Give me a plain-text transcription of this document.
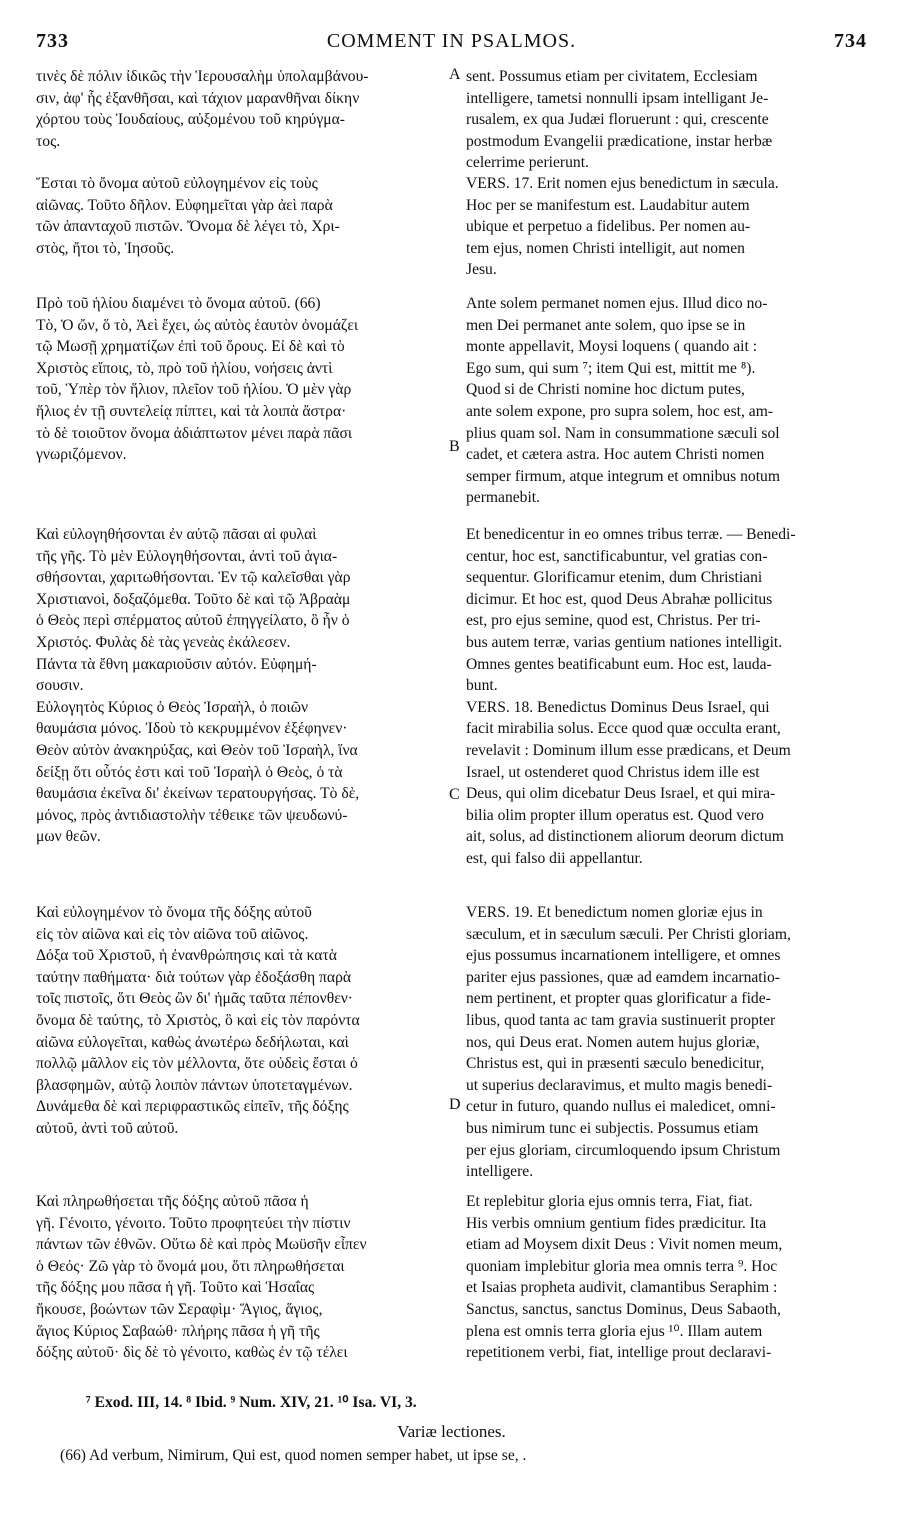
733	COMMENT IN PSALMOS.	734
τινὲς δὲ πόλιν ἰδικῶς τὴν Ἱερουσαλὴμ ὑπολαμβάνου-
σιν, ἀφ' ἧς ἐξανθῆσαι, καὶ τάχιον μαρανθῆναι δίκην
χόρτου τοὺς Ἰουδαίους, αὐξομένου τοῦ κηρύγμα-
τος.
Ἔσται τὸ ὄνομα αὐτοῦ εὐλογημένον εἰς τοὺς
αἰῶνας. Τοῦτο δῆλον. Εὐφημεῖται γὰρ ἀεὶ παρὰ
τῶν ἁπανταχοῦ πιστῶν. Ὄνομα δὲ λέγει τὸ, Χρι-
στὸς, ἤτοι τὸ, Ἰησοῦς.
Πρὸ τοῦ ἡλίου διαμένει τὸ ὄνομα αὐτοῦ. (66)
Τὸ, Ὁ ὤν, ὅ τὸ, Ἀεὶ ἔχει, ὡς αὐτὸς ἑαυτὸν ὀνομάζει
τῷ Μωσῇ χρηματίζων ἐπὶ τοῦ ὄρους. Εἰ δὲ καὶ τὸ
Χριστὸς εἴποις, τὸ, πρὸ τοῦ ἡλίου, νοήσεις ἀντὶ
τοῦ, Ὑπὲρ τὸν ἥλιον, πλεῖον τοῦ ἡλίου. Ὁ μὲν γὰρ
ἥλιος ἐν τῇ συντελείᾳ πίπτει, καὶ τὰ λοιπὰ ἄστρα·
τὸ δὲ τοιοῦτον ὄνομα ἀδιάπτωτον μένει παρὰ πᾶσι
γνωριζόμενον.
Καὶ εὐλογηθήσονται ἐν αὐτῷ πᾶσαι αἱ φυλαὶ
τῆς γῆς. Τὸ μὲν Εὐλογηθήσονται, ἀντὶ τοῦ ἁγια-
σθήσονται, χαριτωθήσονται. Ἐν τῷ καλεῖσθαι γὰρ
Χριστιανοὶ, δοξαζόμεθα. Τοῦτο δὲ καὶ τῷ Ἀβραὰμ
ὁ Θεὸς περὶ σπέρματος αὐτοῦ ἐπηγγείλατο, ὃ ἦν ὁ
Χριστός. Φυλὰς δὲ τὰς γενεὰς ἐκάλεσεν.
Πάντα τὰ ἔθνη μακαριοῦσιν αὐτόν. Εὐφημή-
σουσιν.
Εὐλογητὸς Κύριος ὁ Θεὸς Ἰσραὴλ, ὁ ποιῶν
θαυμάσια μόνος. Ἰδοὺ τὸ κεκρυμμένον ἐξέφηνεν·
Θεὸν αὐτὸν ἀνακηρύξας, καὶ Θεὸν τοῦ Ἰσραὴλ, ἵνα
δείξῃ ὅτι οὗτός ἐστι καὶ τοῦ Ἰσραὴλ ὁ Θεὸς, ὁ τὰ
θαυμάσια ἐκεῖνα δι' ἐκείνων τερατουργήσας. Τὸ δὲ,
μόνος, πρὸς ἀντιδιαστολὴν τέθεικε τῶν ψευδωνύ-
μων θεῶν.
Καὶ εὐλογημένον τὸ ὄνομα τῆς δόξης αὐτοῦ
εἰς τὸν αἰῶνα καὶ εἰς τὸν αἰῶνα τοῦ αἰῶνος.
Δόξα τοῦ Χριστοῦ, ἡ ἐνανθρώπησις καὶ τὰ κατὰ
ταύτην παθήματα· διὰ τούτων γὰρ ἐδοξάσθη παρὰ
τοῖς πιστοῖς, ὅτι Θεὸς ὢν δι' ἡμᾶς ταῦτα πέπονθεν·
ὄνομα δὲ ταύτης, τὸ Χριστὸς, ὃ καὶ εἰς τὸν παρόντα
αἰῶνα εὐλογεῖται, καθὼς ἀνωτέρω δεδήλωται, καὶ
πολλῷ μᾶλλον εἰς τὸν μέλλοντα, ὅτε οὐδεὶς ἔσται ὁ
βλασφημῶν, αὐτῷ λοιπὸν πάντων ὑποτεταγμένων.
Δυνάμεθα δὲ καὶ περιφραστικῶς εἰπεῖν, τῆς δόξης
αὐτοῦ, ἀντὶ τοῦ αὐτοῦ.
Καὶ πληρωθήσεται τῆς δόξης αὐτοῦ πᾶσα ἡ
γῆ. Γένοιτο, γένοιτο. Τοῦτο προφητεύει τὴν πίστιν
πάντων τῶν ἐθνῶν. Οὕτω δὲ καὶ πρὸς Μωϋσῆν εἶπεν
ὁ Θεός· Ζῶ γὰρ τὸ ὄνομά μου, ὅτι πληρωθήσεται
τῆς δόξης μου πᾶσα ἡ γῆ. Τοῦτο καὶ Ἡσαΐας
ἤκουσε, βοώντων τῶν Σεραφὶμ· Ἅγιος, ἅγιος,
ἅγιος Κύριος Σαβαώθ· πλήρης πᾶσα ἡ γῆ τῆς
δόξης αὐτοῦ· δὶς δὲ τὸ γένοιτο, καθὼς ἐν τῷ τέλει
A
B
C
D
sent. Possumus etiam per civitatem, Ecclesiam
intelligere, tametsi nonnulli ipsam intelligant Je-
rusalem, ex qua Judæi floruerunt : qui, crescente
postmodum Evangelii prædicatione, instar herbæ
celerrime perierunt.
VERS. 17. Erit nomen ejus benedictum in sæcula.
Hoc per se manifestum est. Laudabitur autem
ubique et perpetuo a fidelibus. Per nomen au-
tem ejus, nomen Christi intelligit, aut nomen
Jesu.
Ante solem permanet nomen ejus. Illud dico no-
men Dei permanet ante solem, quo ipse se in
monte appellavit, Moysi loquens ( quando ait :
Ego sum, qui sum ⁷; item Qui est, mittit me ⁸).
Quod si de Christi nomine hoc dictum putes,
ante solem expone, pro supra solem, hoc est, am-
plius quam sol. Nam in consummatione sæculi sol
cadet, et cætera astra. Hoc autem Christi nomen
semper firmum, atque integrum et omnibus notum
permanebit.
Et benedicentur in eo omnes tribus terræ. — Benedi-
centur, hoc est, sanctificabuntur, vel gratias con-
sequentur. Glorificamur etenim, dum Christiani
dicimur. Et hoc est, quod Deus Abrahæ pollicitus
est, pro ejus semine, quod est, Christus. Per tri-
bus autem terræ, varias gentium nationes intelligit.
Omnes gentes beatificabunt eum. Hoc est, lauda-
bunt.
VERS. 18. Benedictus Dominus Deus Israel, qui
facit mirabilia solus. Ecce quod quæ occulta erant,
revelavit : Dominum illum esse prædicans, et Deum
Israel, ut ostenderet quod Christus idem ille est
Deus, qui olim dicebatur Deus Israel, et qui mira-
bilia olim propter illum operatus est. Quod vero
ait, solus, ad distinctionem aliorum deorum dictum
est, qui falso dii appellantur.
VERS. 19. Et benedictum nomen gloriæ ejus in
sæculum, et in sæculum sæculi. Per Christi gloriam,
ejus possumus incarnationem intelligere, et omnes
pariter ejus passiones, quæ ad eamdem incarnatio-
nem pertinent, et propter quas glorificatur a fide-
libus, quod tanta ac tam gravia sustinuerit propter
nos, qui Deus erat. Nomen autem hujus gloriæ,
Christus est, qui in præsenti sæculo benedicitur,
ut superius declaravimus, et multo magis benedi-
cetur in futuro, quando nullus ei maledicet, omni-
bus nimirum tunc ei subjectis. Possumus etiam
per ejus gloriam, circumloquendo ipsum Christum
intelligere.
Et replebitur gloria ejus omnis terra, Fiat, fiat.
His verbis omnium gentium fides prædicitur. Ita
etiam ad Moysem dixit Deus : Vivit nomen meum,
quoniam implebitur gloria mea omnis terra ⁹. Hoc
et Isaias propheta audivit, clamantibus Seraphim :
Sanctus, sanctus, sanctus Dominus, Deus Sabaoth,
plena est omnis terra gloria ejus ¹⁰. Illam autem
repetitionem verbi, fiat, intellige prout declaravi-
⁷ Exod. III, 14. ⁸ Ibid. ⁹ Num. XIV, 21. ¹⁰ Isa. VI, 3.
Variæ lectiones.
(66) Ad verbum, Nimirum, Qui est, quod nomen semper habet, ut ipse se, .
